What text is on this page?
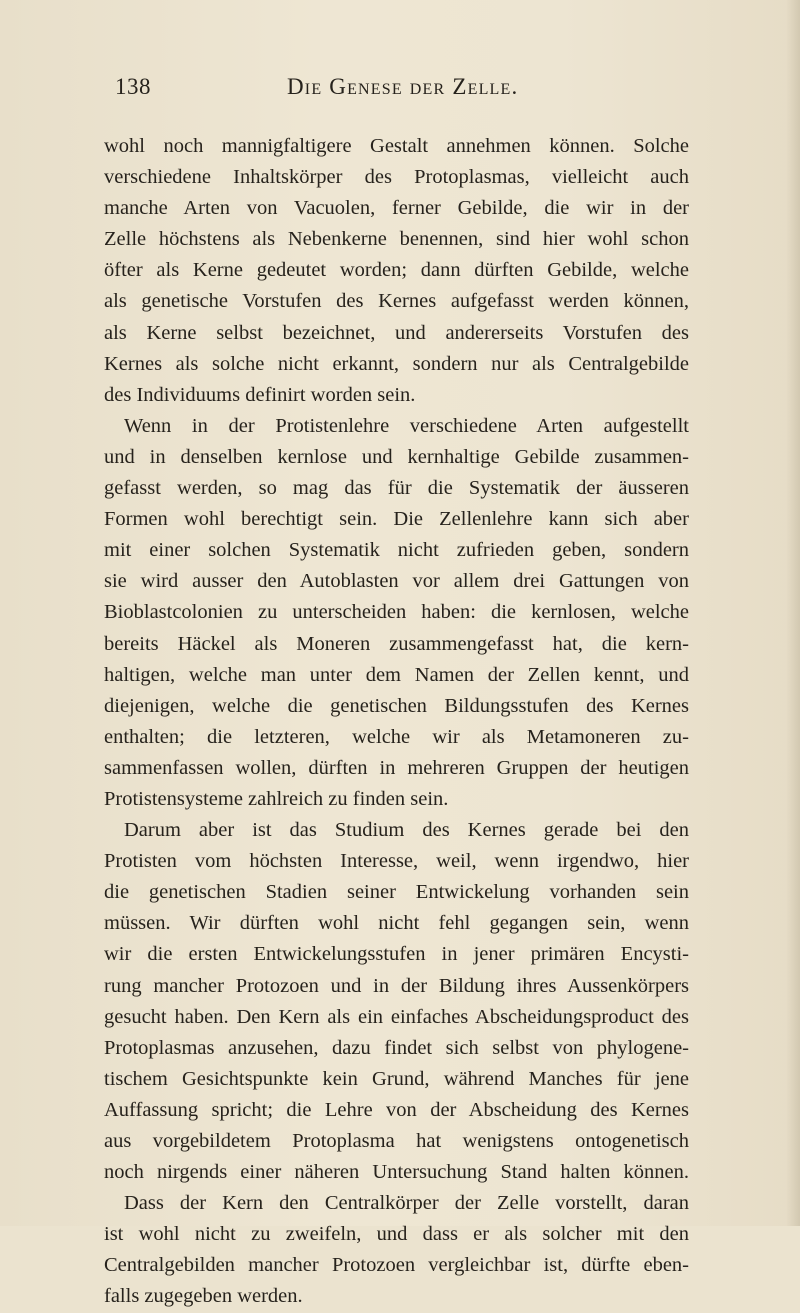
138	Die Genese der Zelle.
wohl noch mannigfaltigere Gestalt annehmen können. Solche
verschiedene Inhaltskörper des Protoplasmas, vielleicht auch
manche Arten von Vacuolen, ferner Gebilde, die wir in der
Zelle höchstens als Nebenkerne benennen, sind hier wohl schon
öfter als Kerne gedeutet worden; dann dürften Gebilde, welche
als genetische Vorstufen des Kernes aufgefasst werden können,
als Kerne selbst bezeichnet, und andererseits Vorstufen des
Kernes als solche nicht erkannt, sondern nur als Centralgebilde
des Individuums definirt worden sein.
Wenn in der Protistenlehre verschiedene Arten aufgestellt
und in denselben kernlose und kernhaltige Gebilde zusammen-
gefasst werden, so mag das für die Systematik der äusseren
Formen wohl berechtigt sein. Die Zellenlehre kann sich aber
mit einer solchen Systematik nicht zufrieden geben, sondern
sie wird ausser den Autoblasten vor allem drei Gattungen von
Bioblastcolonien zu unterscheiden haben: die kernlosen, welche
bereits Häckel als Moneren zusammengefasst hat, die kern-
haltigen, welche man unter dem Namen der Zellen kennt, und
diejenigen, welche die genetischen Bildungsstufen des Kernes
enthalten; die letzteren, welche wir als Metamoneren zu-
sammenfassen wollen, dürften in mehreren Gruppen der heutigen
Protistensysteme zahlreich zu finden sein.
Darum aber ist das Studium des Kernes gerade bei den
Protisten vom höchsten Interesse, weil, wenn irgendwo, hier
die genetischen Stadien seiner Entwickelung vorhanden sein
müssen. Wir dürften wohl nicht fehl gegangen sein, wenn
wir die ersten Entwickelungsstufen in jener primären Encysti-
rung mancher Protozoen und in der Bildung ihres Aussenkörpers
gesucht haben. Den Kern als ein einfaches Abscheidungsproduct des
Protoplasmas anzusehen, dazu findet sich selbst von phylogene-
tischem Gesichtspunkte kein Grund, während Manches für jene
Auffassung spricht; die Lehre von der Abscheidung des Kernes
aus vorgebildetem Protoplasma hat wenigstens ontogenetisch
noch nirgends einer näheren Untersuchung Stand halten können.
Dass der Kern den Centralkörper der Zelle vorstellt, daran
ist wohl nicht zu zweifeln, und dass er als solcher mit den
Centralgebilden mancher Protozoen vergleichbar ist, dürfte eben-
falls zugegeben werden.
